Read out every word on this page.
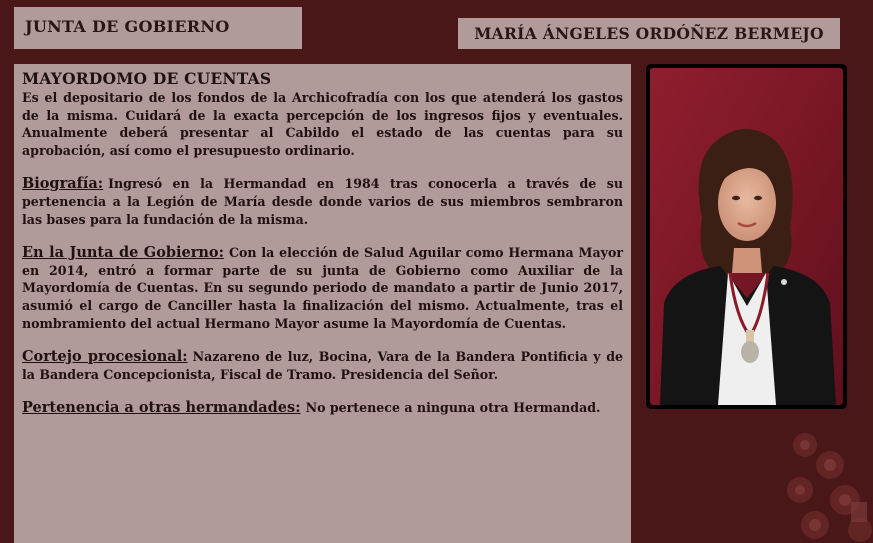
JUNTA DE GOBIERNO	MARÍA ÁNGELES ORDÓÑEZ BERMEJO
MAYORDOMO DE CUENTAS
Es el depositario de los fondos de la Archicofradía con los que atenderá los gastos de la misma. Cuidará de la exacta percepción de los ingresos fijos y eventuales. Anualmente deberá presentar al Cabildo el estado de las cuentas para su aprobación, así como el presupuesto ordinario.
Biografía: Ingresó en la Hermandad en 1984 tras conocerla a través de su pertenencia a la Legión de María desde donde varios de sus miembros sembraron las bases para la fundación de la misma.
En la Junta de Gobierno: Con la elección de Salud Aguilar como Hermana Mayor en 2014, entró a formar parte de su junta de Gobierno como Auxiliar de la Mayordomía de Cuentas. En su segundo periodo de mandato a partir de Junio 2017, asumió el cargo de Canciller hasta la finalización del mismo. Actualmente, tras el nombramiento del actual Hermano Mayor asume la Mayordomía de Cuentas.
Cortejo procesional: Nazareno de luz, Bocina, Vara de la Bandera Pontificia y de la Bandera Concepcionista, Fiscal de Tramo. Presidencia del Señor.
Pertenencia a otras hermandades: No pertenece a ninguna otra Hermandad.
